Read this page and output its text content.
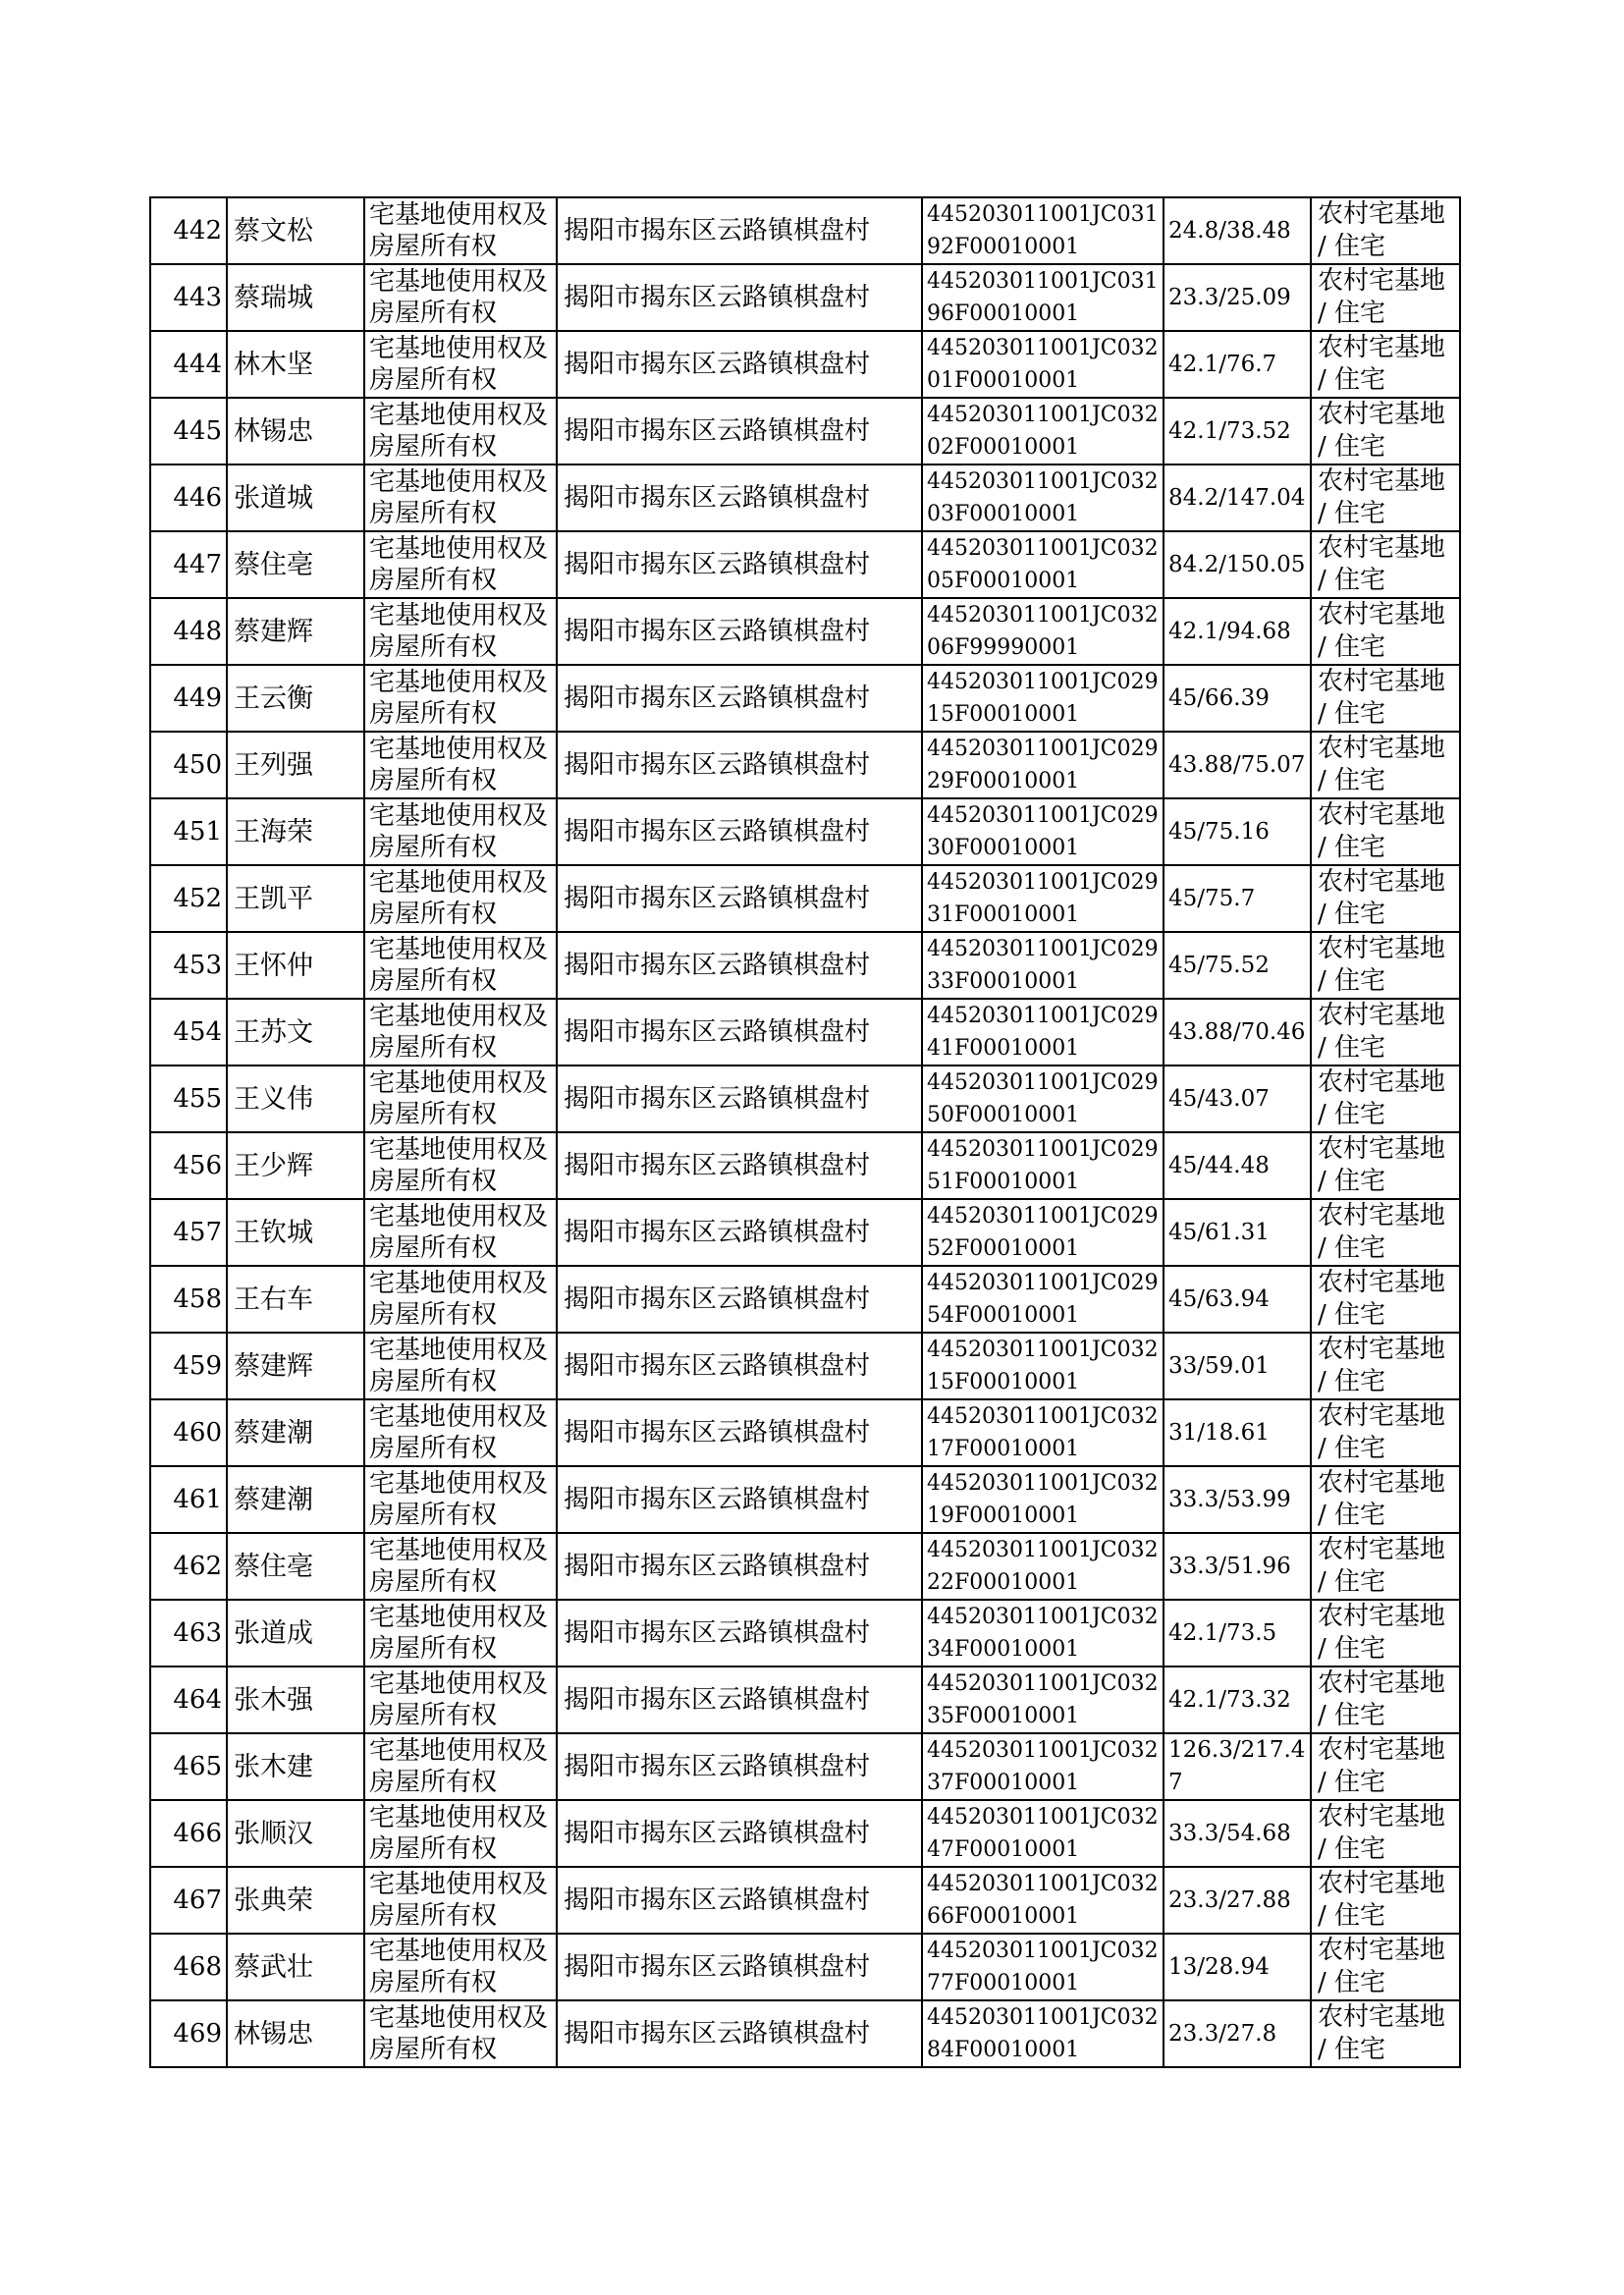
442	蔡文松	宅基地使用权及房屋所有权	揭阳市揭东区云路镇棋盘村	445203011001JC03192F00010001	24.8/38.48	农村宅基地 / 住宅
443	蔡瑞城	宅基地使用权及房屋所有权	揭阳市揭东区云路镇棋盘村	445203011001JC03196F00010001	23.3/25.09	农村宅基地 / 住宅
444	林木坚	宅基地使用权及房屋所有权	揭阳市揭东区云路镇棋盘村	445203011001JC03201F00010001	42.1/76.7	农村宅基地 / 住宅
445	林锡忠	宅基地使用权及房屋所有权	揭阳市揭东区云路镇棋盘村	445203011001JC03202F00010001	42.1/73.52	农村宅基地 / 住宅
446	张道城	宅基地使用权及房屋所有权	揭阳市揭东区云路镇棋盘村	445203011001JC03203F00010001	84.2/147.04	农村宅基地 / 住宅
447	蔡住亳	宅基地使用权及房屋所有权	揭阳市揭东区云路镇棋盘村	445203011001JC03205F00010001	84.2/150.05	农村宅基地 / 住宅
448	蔡建辉	宅基地使用权及房屋所有权	揭阳市揭东区云路镇棋盘村	445203011001JC03206F99990001	42.1/94.68	农村宅基地 / 住宅
449	王云衡	宅基地使用权及房屋所有权	揭阳市揭东区云路镇棋盘村	445203011001JC02915F00010001	45/66.39	农村宅基地 / 住宅
450	王列强	宅基地使用权及房屋所有权	揭阳市揭东区云路镇棋盘村	445203011001JC02929F00010001	43.88/75.07	农村宅基地 / 住宅
451	王海荣	宅基地使用权及房屋所有权	揭阳市揭东区云路镇棋盘村	445203011001JC02930F00010001	45/75.16	农村宅基地 / 住宅
452	王凯平	宅基地使用权及房屋所有权	揭阳市揭东区云路镇棋盘村	445203011001JC02931F00010001	45/75.7	农村宅基地 / 住宅
453	王怀仲	宅基地使用权及房屋所有权	揭阳市揭东区云路镇棋盘村	445203011001JC02933F00010001	45/75.52	农村宅基地 / 住宅
454	王苏文	宅基地使用权及房屋所有权	揭阳市揭东区云路镇棋盘村	445203011001JC02941F00010001	43.88/70.46	农村宅基地 / 住宅
455	王义伟	宅基地使用权及房屋所有权	揭阳市揭东区云路镇棋盘村	445203011001JC02950F00010001	45/43.07	农村宅基地 / 住宅
456	王少辉	宅基地使用权及房屋所有权	揭阳市揭东区云路镇棋盘村	445203011001JC02951F00010001	45/44.48	农村宅基地 / 住宅
457	王钦城	宅基地使用权及房屋所有权	揭阳市揭东区云路镇棋盘村	445203011001JC02952F00010001	45/61.31	农村宅基地 / 住宅
458	王右车	宅基地使用权及房屋所有权	揭阳市揭东区云路镇棋盘村	445203011001JC02954F00010001	45/63.94	农村宅基地 / 住宅
459	蔡建辉	宅基地使用权及房屋所有权	揭阳市揭东区云路镇棋盘村	445203011001JC03215F00010001	33/59.01	农村宅基地 / 住宅
460	蔡建潮	宅基地使用权及房屋所有权	揭阳市揭东区云路镇棋盘村	445203011001JC03217F00010001	31/18.61	农村宅基地 / 住宅
461	蔡建潮	宅基地使用权及房屋所有权	揭阳市揭东区云路镇棋盘村	445203011001JC03219F00010001	33.3/53.99	农村宅基地 / 住宅
462	蔡住亳	宅基地使用权及房屋所有权	揭阳市揭东区云路镇棋盘村	445203011001JC03222F00010001	33.3/51.96	农村宅基地 / 住宅
463	张道成	宅基地使用权及房屋所有权	揭阳市揭东区云路镇棋盘村	445203011001JC03234F00010001	42.1/73.5	农村宅基地 / 住宅
464	张木强	宅基地使用权及房屋所有权	揭阳市揭东区云路镇棋盘村	445203011001JC03235F00010001	42.1/73.32	农村宅基地 / 住宅
465	张木建	宅基地使用权及房屋所有权	揭阳市揭东区云路镇棋盘村	445203011001JC03237F00010001	126.3/217.47	农村宅基地 / 住宅
466	张顺汉	宅基地使用权及房屋所有权	揭阳市揭东区云路镇棋盘村	445203011001JC03247F00010001	33.3/54.68	农村宅基地 / 住宅
467	张典荣	宅基地使用权及房屋所有权	揭阳市揭东区云路镇棋盘村	445203011001JC03266F00010001	23.3/27.88	农村宅基地 / 住宅
468	蔡武壮	宅基地使用权及房屋所有权	揭阳市揭东区云路镇棋盘村	445203011001JC03277F00010001	13/28.94	农村宅基地 / 住宅
469	林锡忠	宅基地使用权及房屋所有权	揭阳市揭东区云路镇棋盘村	445203011001JC03284F00010001	23.3/27.8	农村宅基地 / 住宅
